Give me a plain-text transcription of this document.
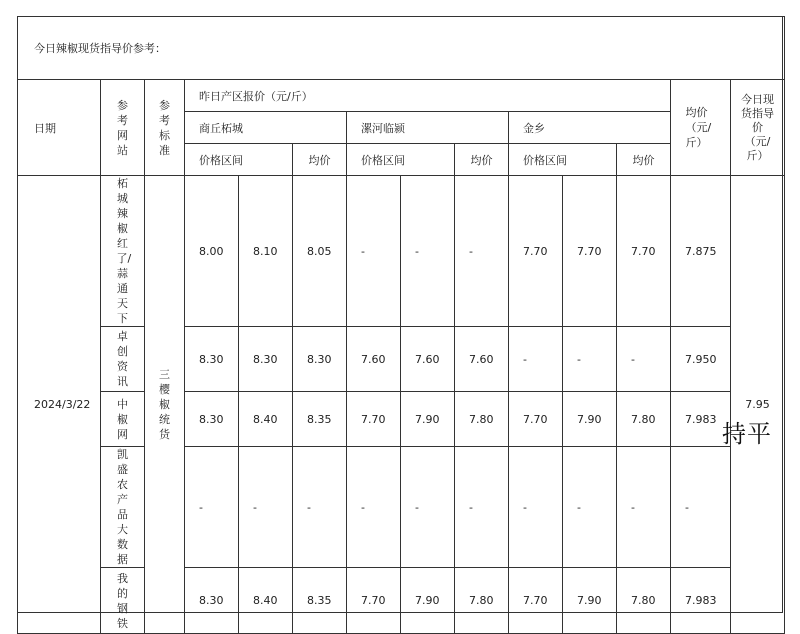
今日辣椒现货指导价参考：													
日期	参考网站	参考标准	昨日产区报价（元/斤）									均价（元/斤）	今日现货指导价（元/斤）

			商丘柘城			漯河临颍			金乡				
			价格区间		均价	价格区间		均价	价格区间		均价		
2024/3/22	柘城辣椒红了/蒜通天下	三樱椒统货	8.00	8.10	8.05	-	-	-	7.70	7.70	7.70	7.875	7.95

	卓创资讯		8.30	8.30	8.30	7.60	7.60	7.60	-	-	-	7.950	

	中椒网		8.30	8.40	8.35	7.70	7.90	7.80	7.70	7.90	7.80	7.983	

	凯盛农产品大数据		-	-	-	-	-	-	-	-	-	-	

	我的钢铁		8.30	8.40	8.35	7.70	7.90	7.80	7.70	7.90	7.80	7.983	
持平
